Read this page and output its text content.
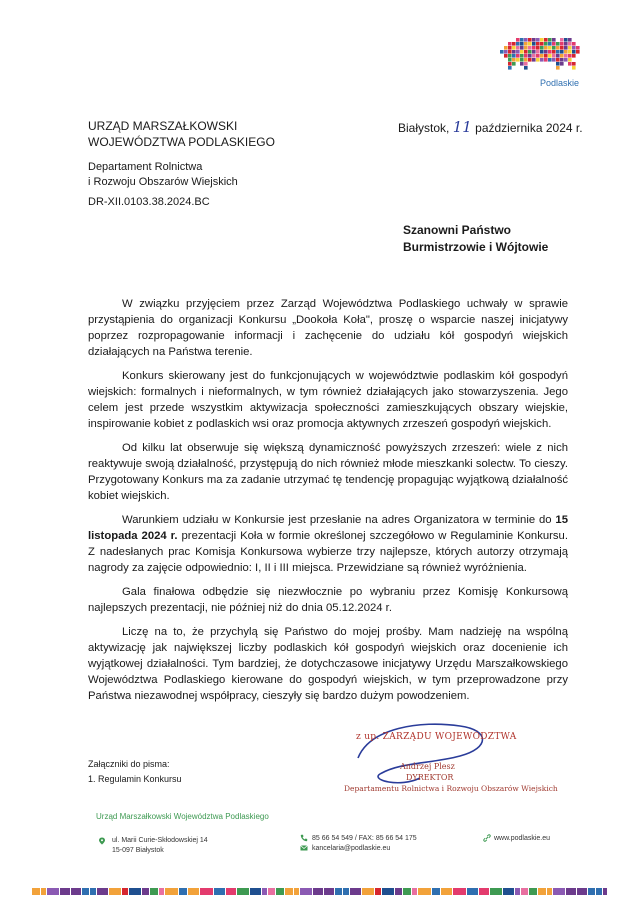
Podlaskie
URZĄD MARSZAŁKOWSKI
WOJEWÓDZTWA PODLASKIEGO
Departament Rolnictwa
i Rozwoju Obszarów Wiejskich
DR-XII.0103.38.2024.BC
Białystok, 11 października 2024 r.
Szanowni Państwo
Burmistrzowie i Wójtowie

W związku przyjęciem przez Zarząd Województwa Podlaskiego uchwały w sprawie przystąpienia do organizacji Konkursu „Dookoła Koła", proszę o wsparcie naszej inicjatywy poprzez rozpropagowanie informacji i zachęcenie do udziału kół gospodyń wiejskich działających na Państwa terenie.

Konkurs skierowany jest do funkcjonujących w województwie podlaskim kół gospodyń wiejskich: formalnych i nieformalnych, w tym również działających jako stowarzyszenia. Jego celem jest przede wszystkim aktywizacja społeczności zamieszkujących obszary wiejskie, inspirowanie kobiet z podlaskich wsi oraz promocja aktywnych zrzeszeń gospodyń wiejskich.

Od kilku lat obserwuje się większą dynamiczność powyższych zrzeszeń: wiele z nich reaktywuje swoją działalność, przystępują do nich również młode mieszkanki solectw. To cieszy. Przygotowany Konkurs ma za zadanie utrzymać tę tendencję propagując wyjątkową działalność kobiet wiejskich.

Warunkiem udziału w Konkursie jest przesłanie na adres Organizatora w terminie do 15 listopada 2024 r. prezentacji Koła w formie określonej szczegółowo w Regulaminie Konkursu. Z nadesłanych prac Komisja Konkursowa wybierze trzy najlepsze, których autorzy otrzymają nagrody za zajęcie odpowiednio: I, II i III miejsca. Przewidziane są również wyróżnienia.

Gala finałowa odbędzie się niezwłocznie po wybraniu przez Komisję Konkursową najlepszych prezentacji, nie później niż do dnia 05.12.2024 r.

Liczę na to, że przychylą się Państwo do mojej prośby. Mam nadzieję na wspólną aktywizację jak największej liczby podlaskich kół gospodyń wiejskich oraz docenienie ich wyjątkowej działalności. Tym bardziej, że dotychczasowe inicjatywy Urzędu Marszałkowskiego Województwa Podlaskiego kierowane do gospodyń wiejskich, w tym przeprowadzone przy Państwa niezawodnej współpracy, cieszyły się bardzo dużym powodzeniem.

z up. ZARZĄDU WOJEWÓDZTWA
Andrzej Plesz
DYREKTOR
Departamentu Rolnictwa i Rozwoju Obszarów Wiejskich
Załączniki do pisma:
1. Regulamin Konkursu
Urząd Marszałkowski Województwa Podlaskiego
ul. Marii Curie-Skłodowskiej 14
15-097 Białystok
85 66 54 549 / FAX: 85 66 54 175
kancelaria@podlaskie.eu
www.podlaskie.eu
